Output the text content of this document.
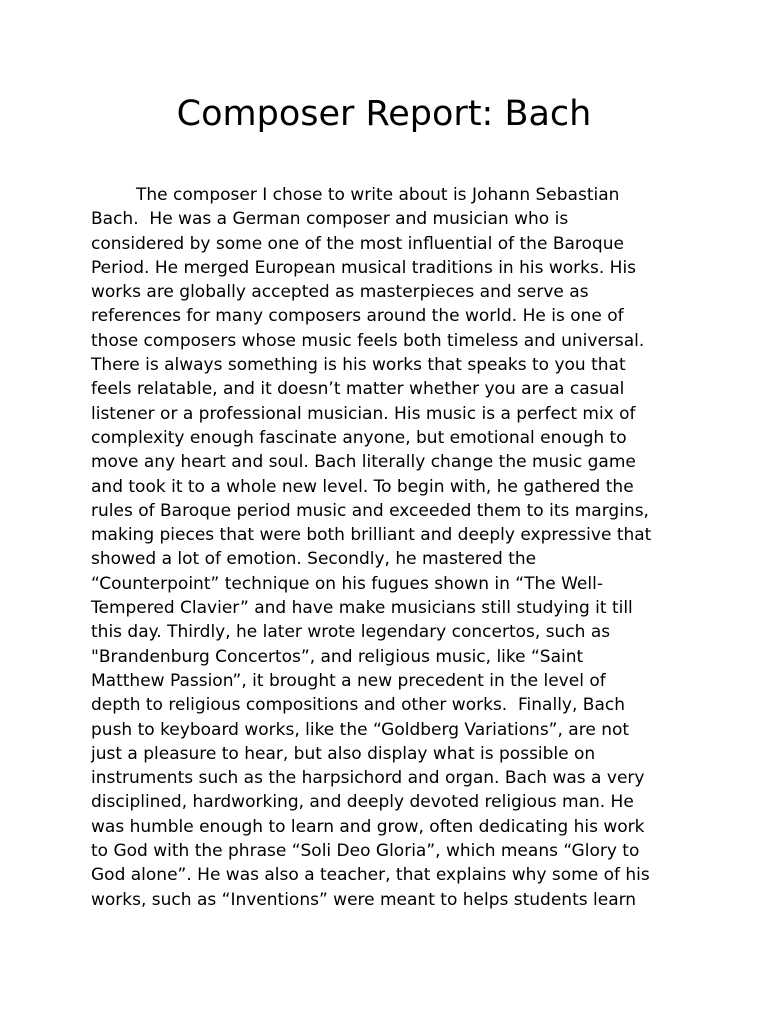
Composer Report: Bach
The composer I chose to write about is Johann Sebastian
Bach.  He was a German composer and musician who is
considered by some one of the most influential of the Baroque
Period. He merged European musical traditions in his works. His
works are globally accepted as masterpieces and serve as
references for many composers around the world. He is one of
those composers whose music feels both timeless and universal.
There is always something is his works that speaks to you that
feels relatable, and it doesn’t matter whether you are a casual
listener or a professional musician. His music is a perfect mix of
complexity enough fascinate anyone, but emotional enough to
move any heart and soul. Bach literally change the music game
and took it to a whole new level. To begin with, he gathered the
rules of Baroque period music and exceeded them to its margins,
making pieces that were both brilliant and deeply expressive that
showed a lot of emotion. Secondly, he mastered the
“Counterpoint” technique on his fugues shown in “The Well-
Tempered Clavier” and have make musicians still studying it till
this day. Thirdly, he later wrote legendary concertos, such as
"Brandenburg Concertos”, and religious music, like “Saint
Matthew Passion”, it brought a new precedent in the level of
depth to religious compositions and other works.  Finally, Bach
push to keyboard works, like the “Goldberg Variations”, are not
just a pleasure to hear, but also display what is possible on
instruments such as the harpsichord and organ. Bach was a very
disciplined, hardworking, and deeply devoted religious man. He
was humble enough to learn and grow, often dedicating his work
to God with the phrase “Soli Deo Gloria”, which means “Glory to
God alone”. He was also a teacher, that explains why some of his
works, such as “Inventions” were meant to helps students learn
